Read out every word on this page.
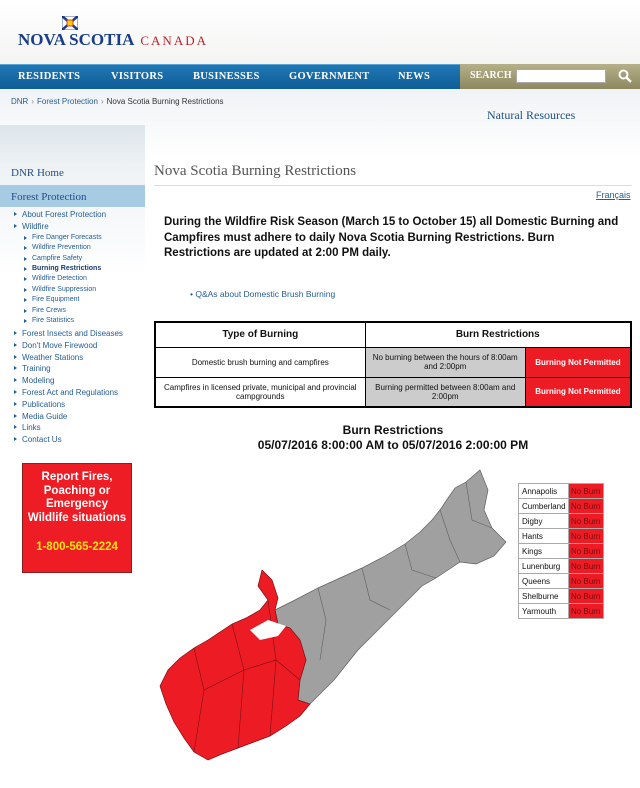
NOVA SCOTIA CANADA
RESIDENTS	VISITORS	BUSINESSES	GOVERNMENT	NEWS	SEARCH
DNR › Forest Protection › Nova Scotia Burning Restrictions
Natural Resources
DNR Home
Forest Protection
About Forest Protection
Wildfire
Fire Danger Forecasts
Wildfire Prevention
Campfire Safety
Burning Restrictions
Wildfire Detection
Wildfire Suppression
Fire Equipment
Fire Crews
Fire Statistics
Forest Insects and Diseases
Don't Move Firewood
Weather Stations
Training
Modeling
Forest Act and Regulations
Publications
Media Guide
Links
Contact Us
Report Fires,
Poaching or
Emergency
Wildlife situations
1-800-565-2224
Nova Scotia Burning Restrictions
Français
During the Wildfire Risk Season (March 15 to October 15) all Domestic Burning and Campfires must adhere to daily Nova Scotia Burning Restrictions. Burn Restrictions are updated at 2:00 PM daily.
• Q&As about Domestic Brush Burning
Type of Burning	Burn Restrictions	
Domestic brush burning and campfires	No burning between the hours of 8:00am and 2:00pm	Burning Not Permitted
Campfires in licensed private, municipal and provincial campgrounds	Burning permitted between 8:00am and 2:00pm	Burning Not Permitted
Burn Restrictions
05/07/2016 8:00:00 AM to 05/07/2016 2:00:00 PM
Annapolis	No Burn
Cumberland	No Burn
Digby	No Burn
Hants	No Burn
Kings	No Burn
Lunenburg	No Burn
Queens	No Burn
Shelburne	No Burn
Yarmouth	No Burn
